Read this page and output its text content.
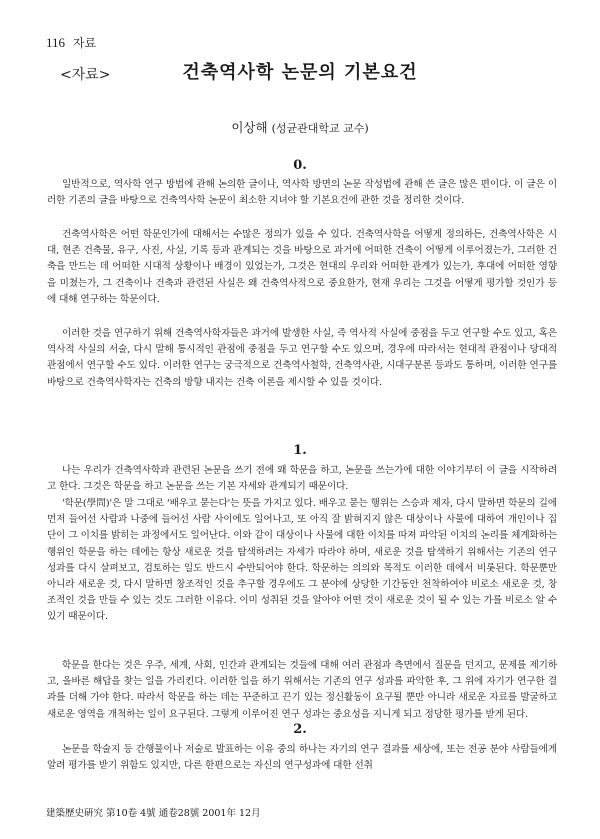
116 자료
<자료>	건축역사학 논문의 기본요건
이상해 (성균관대학교 교수)
0.

일반적으로, 역사학 연구 방법에 관해 논의한 글이나, 역사학 방면의 논문 작성법에 관해 쓴 글은 많은 편이다. 이 글은 이러한 기존의 글을 바탕으로 건축역사학 논문이 최소한 지녀야 할 기본요건에 관한 것을 정리한 것이다.

건축역사학은 어떤 학문인가에 대해서는 수많은 정의가 있을 수 있다. 건축역사학을 어떻게 정의하든, 건축역사학은 시대, 현존 건축물, 유구, 사진, 사실, 기록 등과 관계되는 것을 바탕으로 과거에 어떠한 건축이 어떻게 이루어졌는가, 그러한 건축을 만드는 데 어떠한 시대적 상황이나 배경이 있었는가, 그것은 현대의 우리와 어떠한 관계가 있는가, 후대에 어떠한 영향을 미쳤는가, 그 건축이나 건축과 관련된 사실은 왜 건축역사적으로 중요한가, 현재 우리는 그것을 어떻게 평가할 것인가 등에 대해 연구하는 학문이다.

이러한 것을 연구하기 위해 건축역사학자들은 과거에 발생한 사실, 즉 역사적 사실에 중점을 두고 연구할 수도 있고, 혹은 역사적 사실의 서술, 다시 말해 통시적인 관점에 중점을 두고 연구할 수도 있으며, 경우에 따라서는 현대적 관점이나 당대적 관점에서 연구할 수도 있다. 이러한 연구는 궁극적으로 건축역사철학, 건축역사관, 시대구분론 등과도 통하며, 이러한 연구를 바탕으로 건축역사학자는 건축의 방향 내지는 건축 이론을 제시할 수 있을 것이다.

1.

나는 우리가 건축역사학과 관련된 논문을 쓰기 전에 왜 학문을 하고, 논문을 쓰는가에 대한 이야기부터 이 글을 시작하려고 한다. 그것은 학문을 하고 논문을 쓰는 기본 자세와 관계되기 때문이다.

'학문(學問)'은 말 그대로 '배우고 묻는다'는 뜻을 가지고 있다. 배우고 묻는 행위는 스승과 제자, 다시 말하면 학문의 길에 먼저 들어선 사람과 나중에 들어선 사람 사이에도 일어나고, 또 아직 잘 밝혀지지 않은 대상이나 사물에 대하여 개인이나 집단이 그 이치를 밝히는 과정에서도 일어난다. 이와 같이 대상이나 사물에 대한 이치를 따져 파악된 이치의 논리를 체계화하는 행위인 학문을 하는 데에는 항상 새로운 것을 탐색하려는 자세가 따라야 하며, 새로운 것을 탐색하기 위해서는 기존의 연구 성과를 다시 살펴보고, 검토하는 일도 반드시 수반되어야 한다. 학문하는 의의와 목적도 이러한 데에서 비롯된다. 학문뿐만 아니라 새로운 것, 다시 말하면 창조적인 것을 추구할 경우에도 그 분야에 상당한 기간동안 천착하여야 비로소 새로운 것, 창조적인 것을 만들 수 있는 것도 그러한 이유다. 이미 성취된 것을 알아야 어떤 것이 새로운 것이 될 수 있는 가를 비로소 알 수 있기 때문이다.

학문을 한다는 것은 우주, 세계, 사회, 인간과 관계되는 것들에 대해 여러 관점과 측면에서 질문을 던지고, 문제를 제기하고, 올바른 해답을 찾는 일을 가리킨다. 이러한 일을 하기 위해서는 기존의 연구 성과를 파악한 후, 그 위에 자기가 연구한 결과를 더해 가야 한다. 따라서 학문을 하는 데는 꾸준하고 끈기 있는 정신활동이 요구될 뿐만 아니라 새로운 자료를 발굴하고 새로운 영역을 개척하는 일이 요구된다. 그렇게 이루어진 연구 성과는 중요성을 지니게 되고 정당한 평가를 받게 된다.

2.

논문을 학술지 등 간행물이나 저술로 발표하는 이유 중의 하나는 자기의 연구 결과를 세상에, 또는 전공 분야 사람들에게 알려 평가를 받기 위함도 있지만, 다른 한편으로는 자신의 연구성과에 대한 선취

建築歷史硏究 第10卷 4號 通卷28號 2001年 12月
